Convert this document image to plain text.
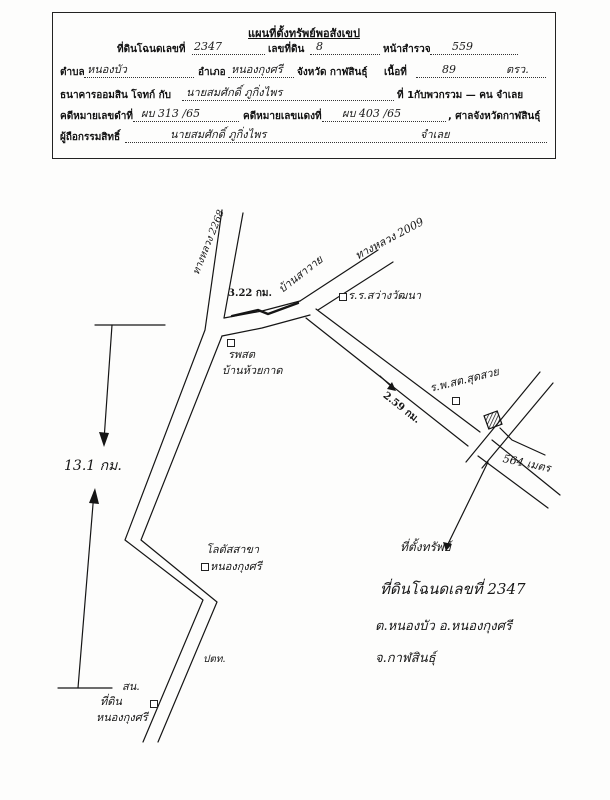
แผนที่ตั้งทรัพย์พอสังเขป
ที่ดินโฉนดเลขที่ 2347	เลขที่ดิน 8	หน้าสำรวจ 559
ตำบล หนองบัว	อำเภอ หนองกุงศรี จังหวัด กาฬสินธุ์ เนื้อที่	89	ตรว.
ธนาคารออมสิน โจทก์ กับ นายสมศักดิ์ ภูกิ่งไพร	ที่ 1กับพวกรวม — คน จำเลย
คดีหมายเลขดำที่ ผบ 313 /65	คดีหมายเลขแดงที่ ผบ 403 /65	, ศาลจังหวัดกาฬสินธุ์
ผู้ถือกรรมสิทธิ์	นายสมศักดิ์ ภูกิ่งไพร	จำเลย
ทางหลวง 2268	ทางหลวง 2009
บ้านสาวาย
3.22 กม.	ร.ร.สว่างวัฒนา
รพสต
บ้านห้วยกาด
2.59 กม.
ร.พ.สต.สุดสวย
564 เมตร
13.1 กม.
โลตัสสาขา
หนองกุงศรี
ที่ตั้งทรัพย์
ที่ดินโฉนดเลขที่ 2347
ต.หนองบัว อ.หนองกุงศรี
จ.กาฬสินธุ์
ปตท.
สน.
ที่ดิน
หนองกุงศรี
